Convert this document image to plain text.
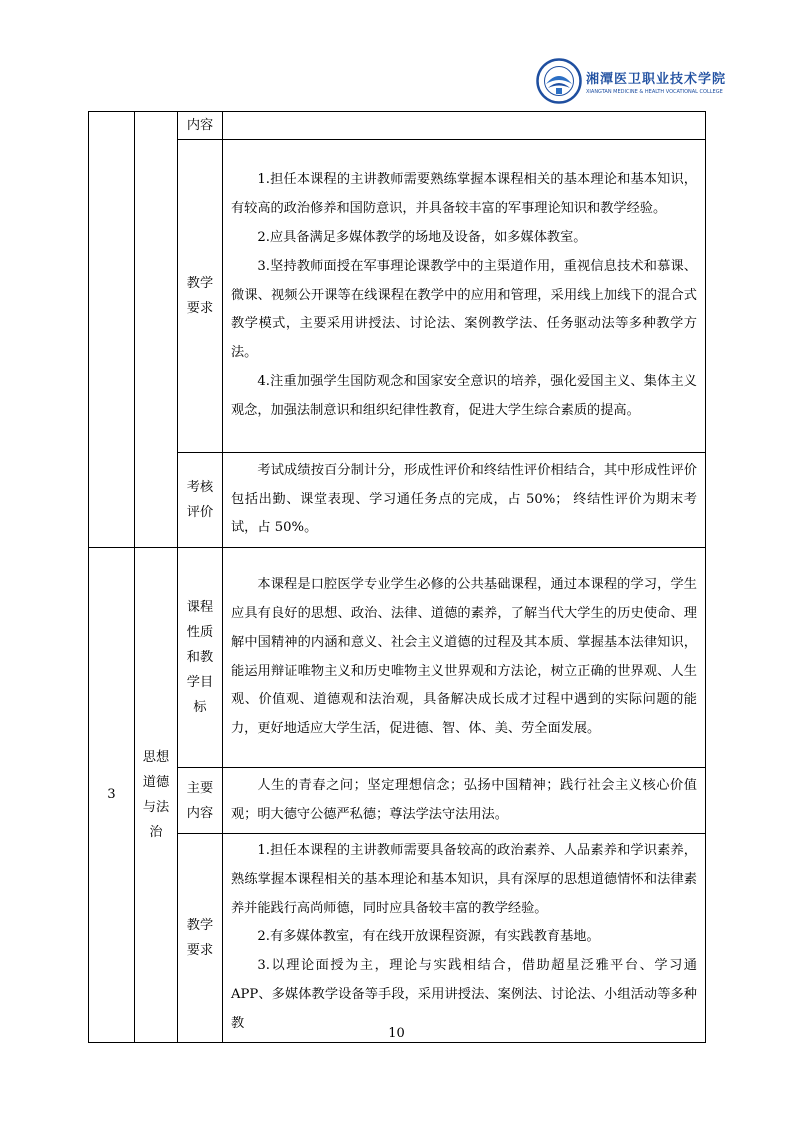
湘潭医卫职业技术学院
XIANGTAN MEDICINE & HEALTH VOCATIONAL COLLEGE
		内容	

		教学要求	1.担任本课程的主讲教师需要熟练掌握本课程相关的基本理论和基本知识，有较高的政治修养和国防意识，并具备较丰富的军事理论知识和教学经验。

2.应具备满足多媒体教学的场地及设备，如多媒体教室。

3.坚持教师面授在军事理论课教学中的主渠道作用，重视信息技术和慕课、微课、视频公开课等在线课程在教学中的应用和管理，采用线上加线下的混合式教学模式，主要采用讲授法、讨论法、案例教学法、任务驱动法等多种教学方法。

4.注重加强学生国防观念和国家安全意识的培养，强化爱国主义、集体主义观念，加强法制意识和组织纪律性教育，促进大学生综合素质的提高。

		考核评价	考试成绩按百分制计分，形成性评价和终结性评价相结合，其中形成性评价包括出勤、课堂表现、学习通任务点的完成，占 50%； 终结性评价为期末考试，占 50%。

3	思想道德与法治	课程性质和教学目标	本课程是口腔医学专业学生必修的公共基础课程，通过本课程的学习，学生应具有良好的思想、政治、法律、道德的素养，了解当代大学生的历史使命、理解中国精神的内涵和意义、社会主义道德的过程及其本质、掌握基本法律知识，能运用辩证唯物主义和历史唯物主义世界观和方法论，树立正确的世界观、人生观、价值观、道德观和法治观，具备解决成长成才过程中遇到的实际问题的能力，更好地适应大学生活，促进德、智、体、美、劳全面发展。

		主要内容	人生的青春之问；坚定理想信念；弘扬中国精神；践行社会主义核心价值观；明大德守公德严私德；尊法学法守法用法。

		教学要求	1.担任本课程的主讲教师需要具备较高的政治素养、人品素养和学识素养，熟练掌握本课程相关的基本理论和基本知识，具有深厚的思想道德情怀和法律素养并能践行高尚师德，同时应具备较丰富的教学经验。

2.有多媒体教室，有在线开放课程资源，有实践教育基地。

3.以理论面授为主，理论与实践相结合，借助超星泛雅平台、学习通 APP、多媒体教学设备等手段，采用讲授法、案例法、讨论法、小组活动等多种教

10
